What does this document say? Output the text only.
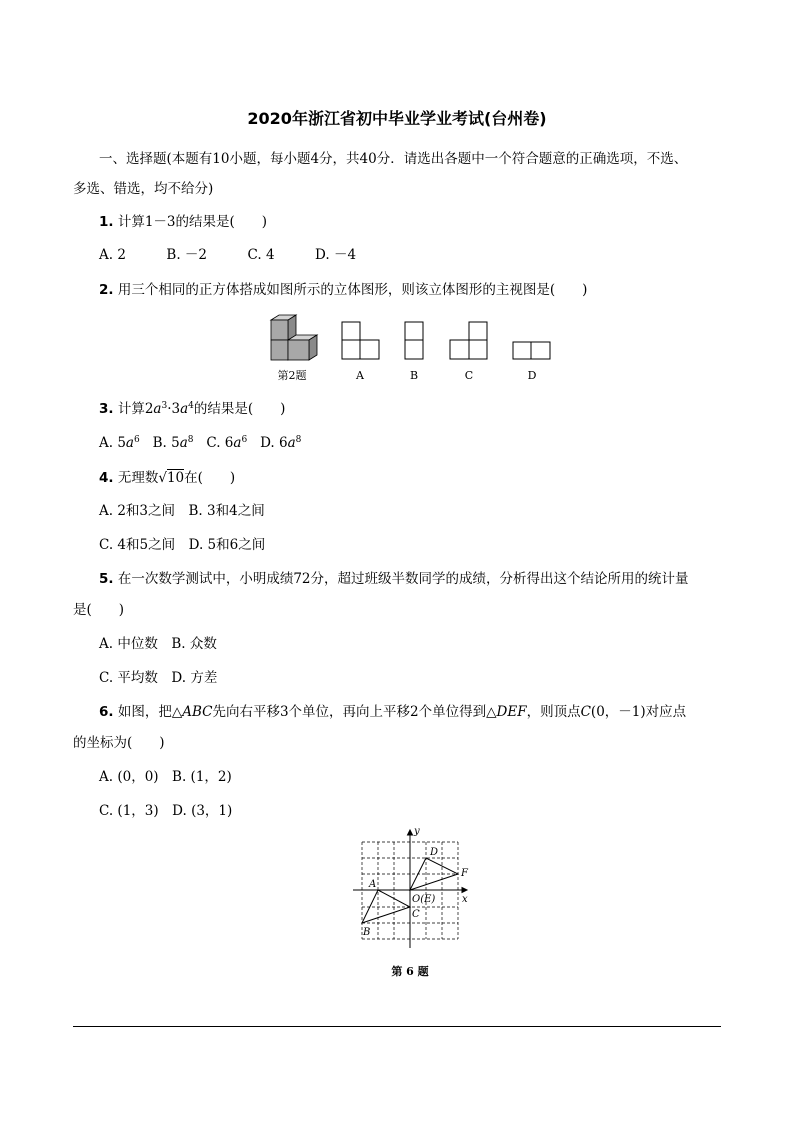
2020年浙江省初中毕业学业考试(台州卷)
一、选择题(本题有10小题，每小题4分，共40分．请选出各题中一个符合题意的正确选项，不选、
多选、错选，均不给分)
1. 计算1－3的结果是(　　)
A. 2　　　B. －2　　　C. 4　　　D. －4
2. 用三个相同的正方体搭成如图所示的立体图形，则该立体图形的主视图是(　　)
第2题	A	B	C	D
3. 计算$2a^3\cdot 3a^4$的结果是(　　)
A. $5a^6$ B. $5a^8$ C. $6a^6$ D. $6a^8$
4. 无理数√10在(　　)
A. 2和3之间　B. 3和4之间
C. 4和5之间　D. 5和6之间
5. 在一次数学测试中，小明成绩72分，超过班级半数同学的成绩，分析得出这个结论所用的统计量
是(　　)
A. 中位数　B. 众数
C. 平均数　D. 方差
6. 如图，把△ABC先向右平移3个单位，再向上平移2个单位得到△DEF，则顶点C(0，－1)对应点
的坐标为(　　)
A. (0，0)　B. (1，2)
C. (1，3)　D. (3，1)
y
x
D
F
A
B
C
O(E)
第 6 题
